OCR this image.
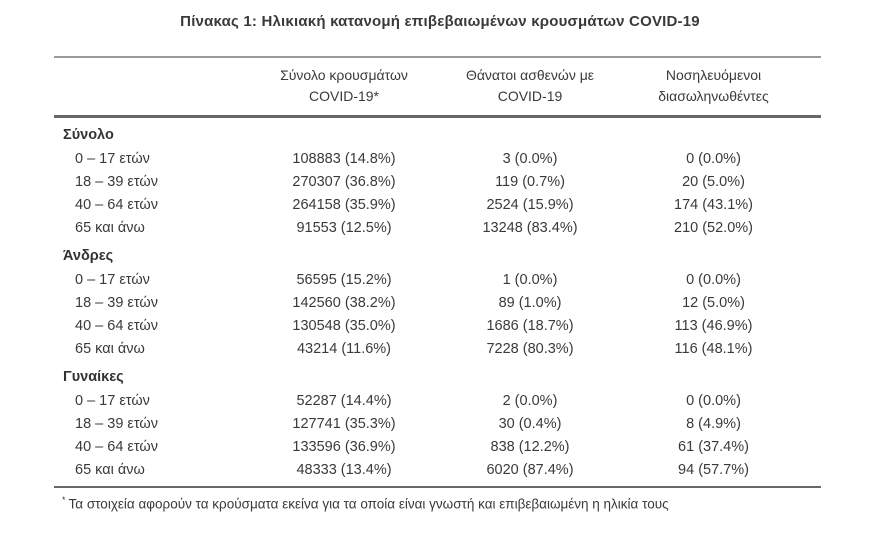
Πίνακας 1: Ηλικιακή κατανομή επιβεβαιωμένων κρουσμάτων COVID-19
Σύνολο κρουσμάτων
COVID-19*
Θάνατοι ασθενών με
COVID-19
Νοσηλευόμενοι
διασωληνωθέντες
Σύνολο
0 – 17 ετών	108883 (14.8%)	3 (0.0%)	0 (0.0%)
18 – 39 ετών	270307 (36.8%)	119 (0.7%)	20 (5.0%)
40 – 64 ετών	264158 (35.9%)	2524 (15.9%)	174 (43.1%)
65 και άνω	91553 (12.5%)	13248 (83.4%)	210 (52.0%)
Άνδρες
0 – 17 ετών	56595 (15.2%)	1 (0.0%)	0 (0.0%)
18 – 39 ετών	142560 (38.2%)	89 (1.0%)	12 (5.0%)
40 – 64 ετών	130548 (35.0%)	1686 (18.7%)	113 (46.9%)
65 και άνω	43214 (11.6%)	7228 (80.3%)	116 (48.1%)
Γυναίκες
0 – 17 ετών	52287 (14.4%)	2 (0.0%)	0 (0.0%)
18 – 39 ετών	127741 (35.3%)	30 (0.4%)	8 (4.9%)
40 – 64 ετών	133596 (36.9%)	838 (12.2%)	61 (37.4%)
65 και άνω	48333 (13.4%)	6020 (87.4%)	94 (57.7%)
* Τα στοιχεία αφορούν τα κρούσματα εκείνα για τα οποία είναι γνωστή και επιβεβαιωμένη η ηλικία τους
